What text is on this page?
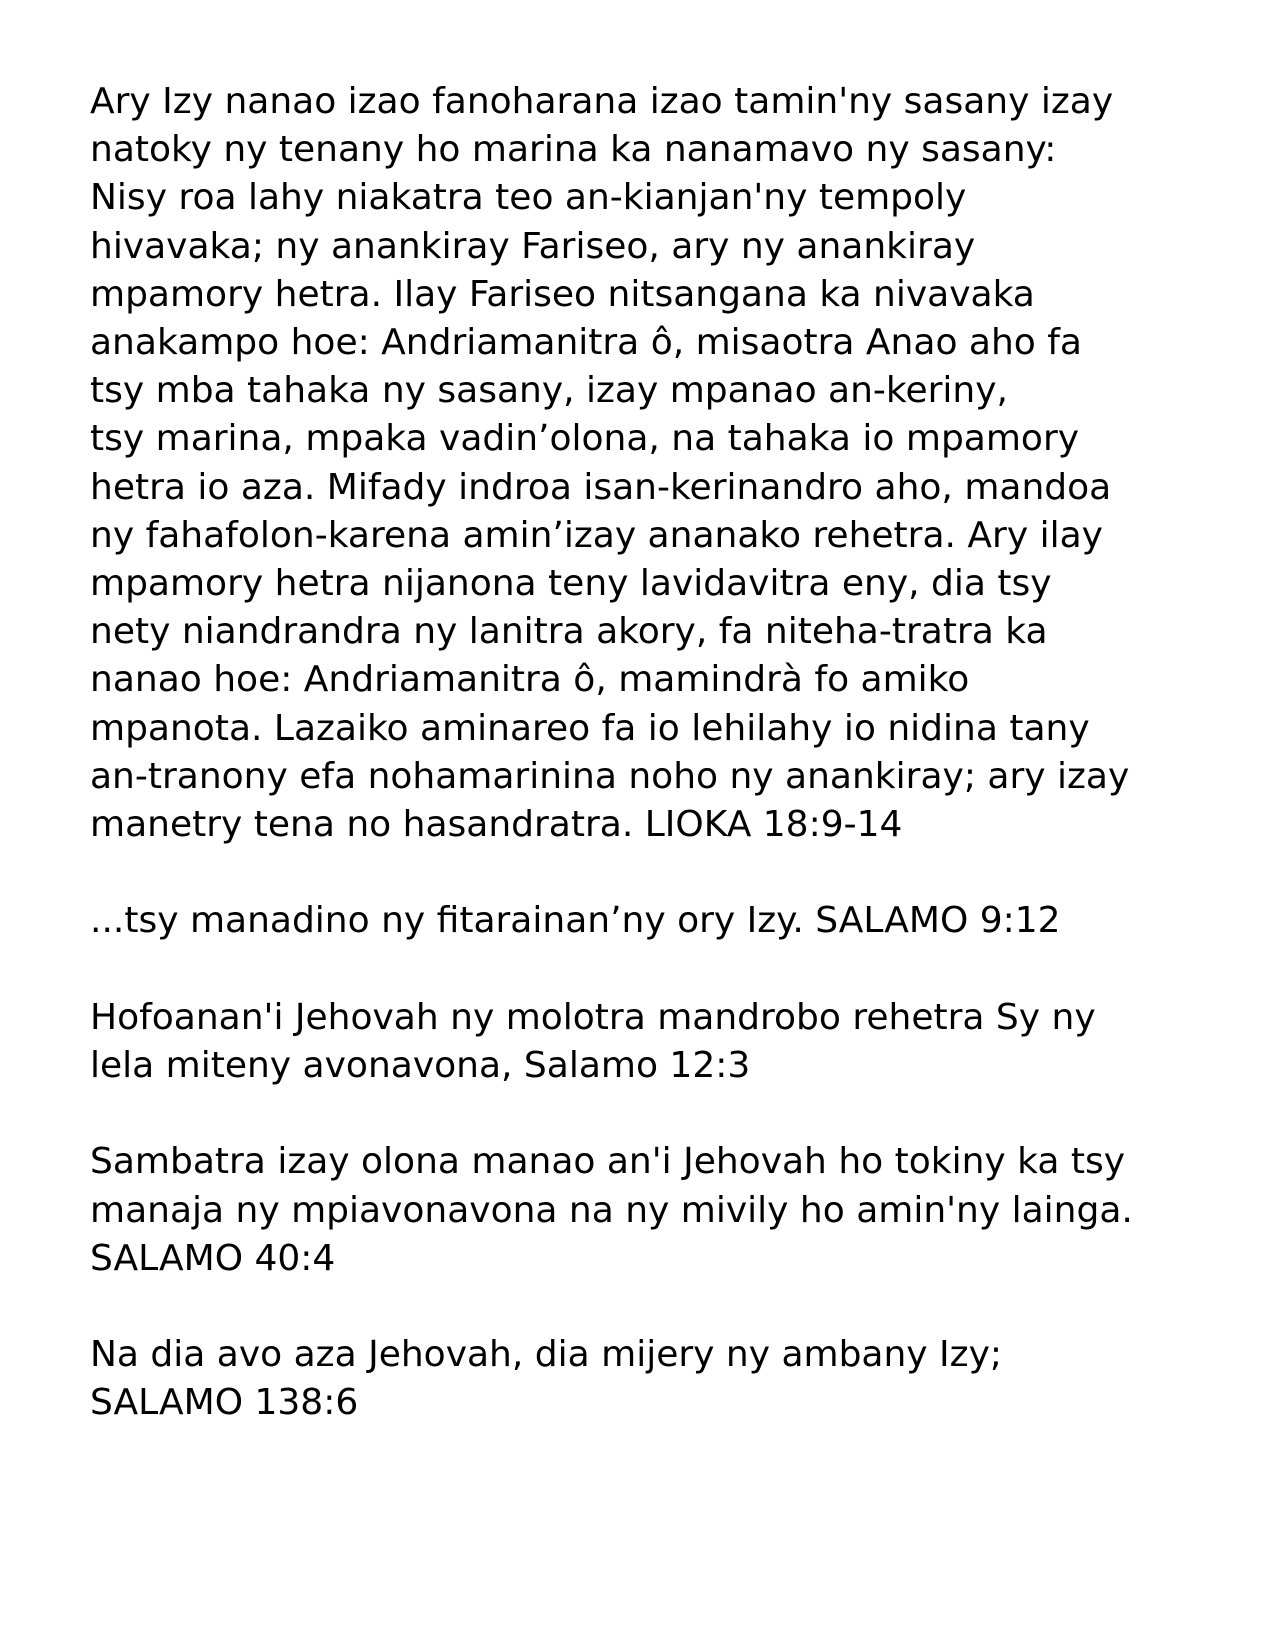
Ary Izy nanao izao fanoharana izao tamin'ny sasany izay
natoky ny tenany ho marina ka nanamavo ny sasany:
Nisy roa lahy niakatra teo an-kianjan'ny tempoly
hivavaka; ny anankiray Fariseo, ary ny anankiray
mpamory hetra. Ilay Fariseo nitsangana ka nivavaka
anakampo hoe: Andriamanitra ô, misaotra Anao aho fa
tsy mba tahaka ny sasany, izay mpanao an-keriny,
tsy marina, mpaka vadin’olona, na tahaka io mpamory
hetra io aza. Mifady indroa isan-kerinandro aho, mandoa
ny fahafolon-karena amin’izay ananako rehetra. Ary ilay
mpamory hetra nijanona teny lavidavitra eny, dia tsy
nety niandrandra ny lanitra akory, fa niteha-tratra ka
nanao hoe: Andriamanitra ô, mamindrà fo amiko
mpanota. Lazaiko aminareo fa io lehilahy io nidina tany
an-tranony efa nohamarinina noho ny anankiray; ary izay
manetry tena no hasandratra. LIOKA 18:9-14

...tsy manadino ny fitarainan’ny ory Izy. SALAMO 9:12

Hofoanan'i Jehovah ny molotra mandrobo rehetra Sy ny
lela miteny avonavona, Salamo 12:3

Sambatra izay olona manao an'i Jehovah ho tokiny ka tsy
manaja ny mpiavonavona na ny mivily ho amin'ny lainga.
SALAMO 40:4

Na dia avo aza Jehovah, dia mijery ny ambany Izy;
SALAMO 138:6
